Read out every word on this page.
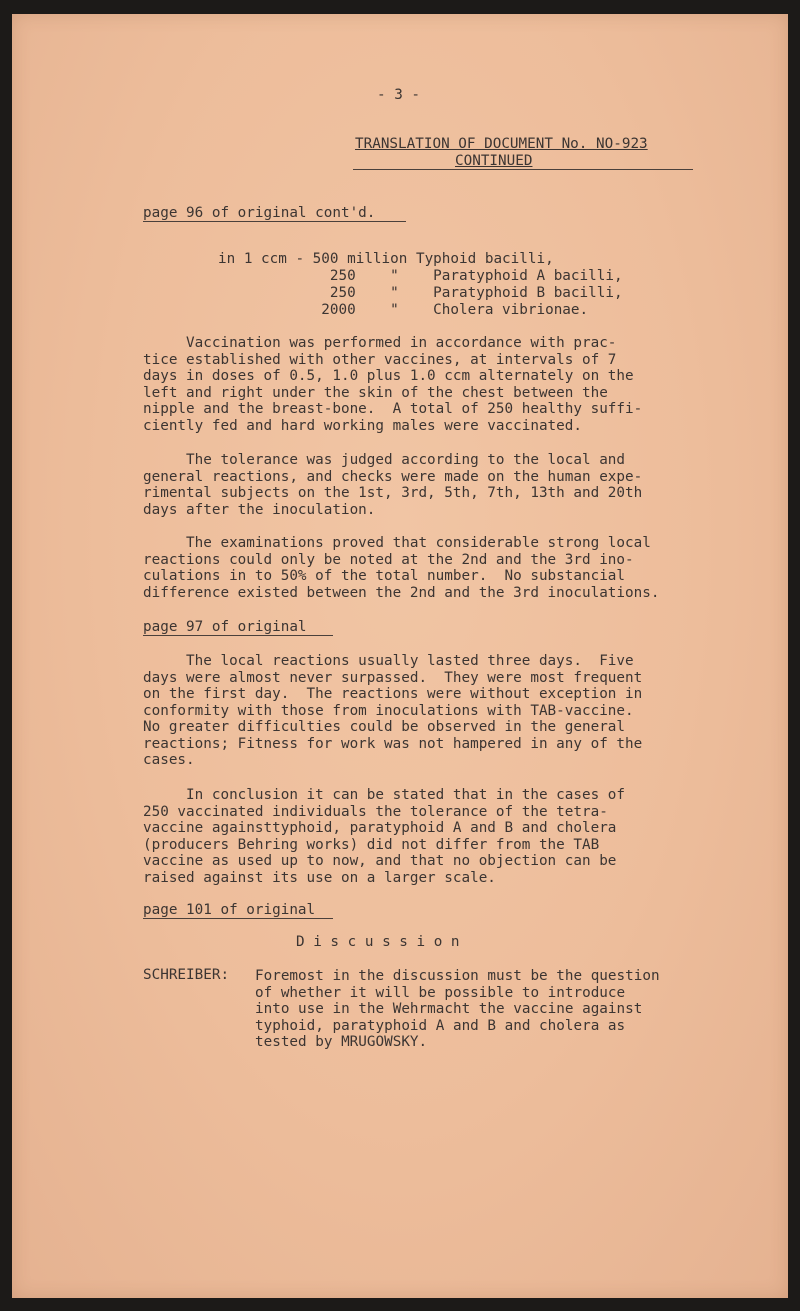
- 3 -
TRANSLATION OF DOCUMENT No. NO-923
CONTINUED
page 96 of original cont'd.
in 1 ccm - 500 million Typhoid bacilli,
250    "    Paratyphoid A bacilli,
250    "    Paratyphoid B bacilli,
2000    "    Cholera vibrionae.
Vaccination was performed in accordance with prac-
tice established with other vaccines, at intervals of 7
days in doses of 0.5, 1.0 plus 1.0 ccm alternately on the
left and right under the skin of the chest between the
nipple and the breast-bone.  A total of 250 healthy suffi-
ciently fed and hard working males were vaccinated.
The tolerance was judged according to the local and
general reactions, and checks were made on the human expe-
rimental subjects on the 1st, 3rd, 5th, 7th, 13th and 20th
days after the inoculation.
The examinations proved that considerable strong local
reactions could only be noted at the 2nd and the 3rd ino-
culations in to 50% of the total number.  No substancial
difference existed between the 2nd and the 3rd inoculations.
page 97 of original
The local reactions usually lasted three days.  Five
days were almost never surpassed.  They were most frequent
on the first day.  The reactions were without exception in
conformity with those from inoculations with TAB-vaccine.
No greater difficulties could be observed in the general
reactions; Fitness for work was not hampered in any of the
cases.
In conclusion it can be stated that in the cases of
250 vaccinated individuals the tolerance of the tetra-
vaccine againsttyphoid, paratyphoid A and B and cholera
(producers Behring works) did not differ from the TAB
vaccine as used up to now, and that no objection can be
raised against its use on a larger scale.
page 101 of original
D i s c u s s i o n
SCHREIBER: Foremost in the discussion must be the question
of whether it will be possible to introduce
into use in the Wehrmacht the vaccine against
typhoid, paratyphoid A and B and cholera as
tested by MRUGOWSKY.
